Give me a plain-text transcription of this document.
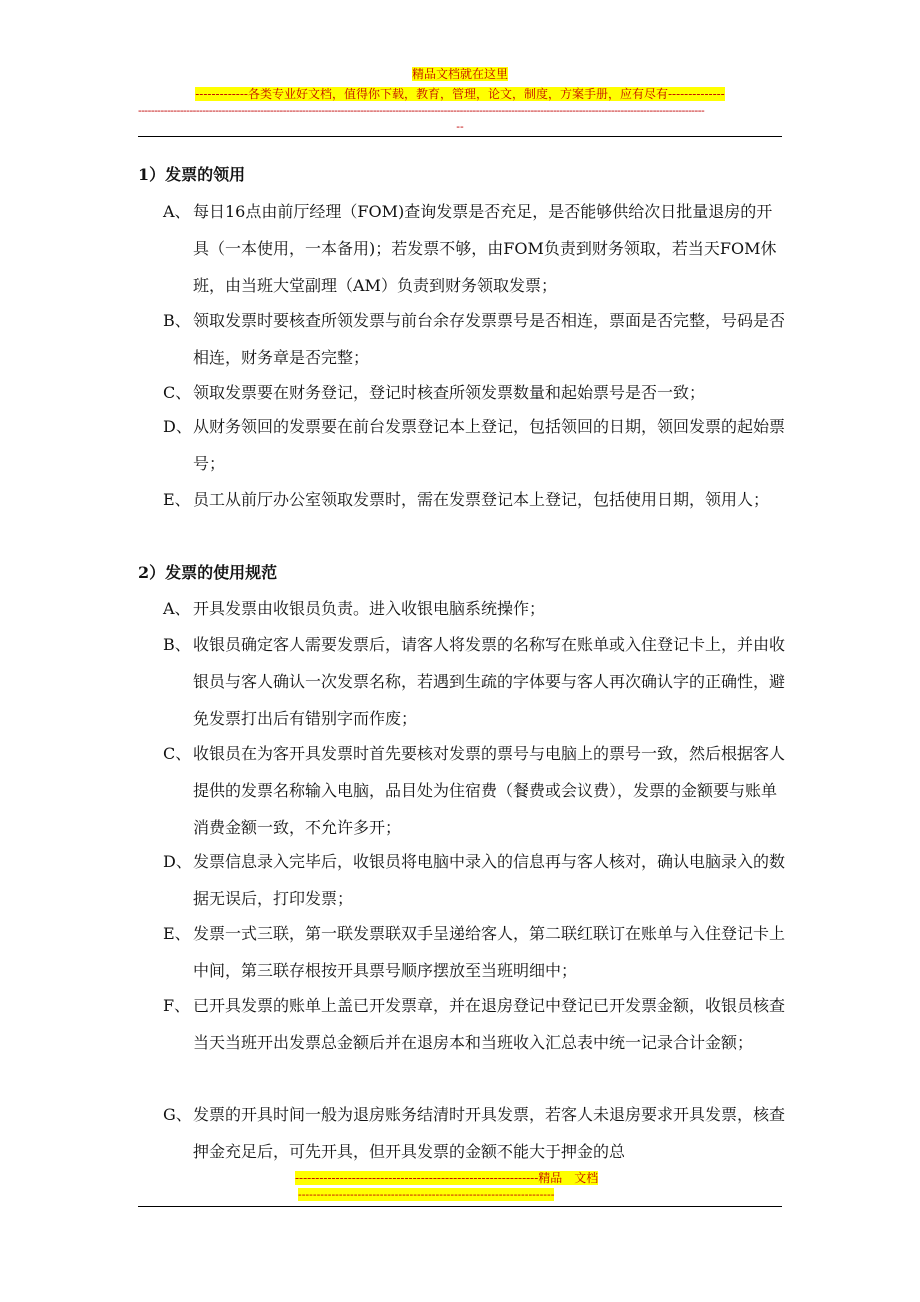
精品文档就在这里
-------------各类专业好文档，值得你下载，教育，管理，论文，制度，方案手册，应有尽有--------------
--------------------------------------------------------------------------------------------------------------------------------------------------------------------------------
--
1）发票的领用
A、 每日16点由前厅经理（FOM)查询发票是否充足，是否能够供给次日批量退房的开具（一本使用，一本备用)；若发票不够，由FOM负责到财务领取，若当天FOM休班，由当班大堂副理（AM）负责到财务领取发票；
B、 领取发票时要核查所领发票与前台余存发票票号是否相连，票面是否完整，号码是否相连，财务章是否完整；
C、 领取发票要在财务登记，登记时核查所领发票数量和起始票号是否一致；
D、 从财务领回的发票要在前台发票登记本上登记，包括领回的日期，领回发票的起始票号；
E、 员工从前厅办公室领取发票时，需在发票登记本上登记，包括使用日期，领用人；
2）发票的使用规范
A、 开具发票由收银员负责。进入收银电脑系统操作；
B、 收银员确定客人需要发票后，请客人将发票的名称写在账单或入住登记卡上，并由收银员与客人确认一次发票名称，若遇到生疏的字体要与客人再次确认字的正确性，避免发票打出后有错别字而作废；
C、 收银员在为客开具发票时首先要核对发票的票号与电脑上的票号一致，然后根据客人提供的发票名称输入电脑，品目处为住宿费（餐费或会议费），发票的金额要与账单消费金额一致，不允许多开；
D、 发票信息录入完毕后，收银员将电脑中录入的信息再与客人核对，确认电脑录入的数据无误后，打印发票；
E、 发票一式三联，第一联发票联双手呈递给客人，第二联红联订在账单与入住登记卡上中间，第三联存根按开具票号顺序摆放至当班明细中；
F、 已开具发票的账单上盖已开发票章，并在退房登记中登记已开发票金额，收银员核查当天当班开出发票总金额后并在退房本和当班收入汇总表中统一记录合计金额；
G、 发票的开具时间一般为退房账务结清时开具发票，若客人未退房要求开具发票，核查押金充足后，可先开具，但开具发票的金额不能大于押金的总
------------------------------------------------------------精品　文档
---------------------------------------------------------------------
